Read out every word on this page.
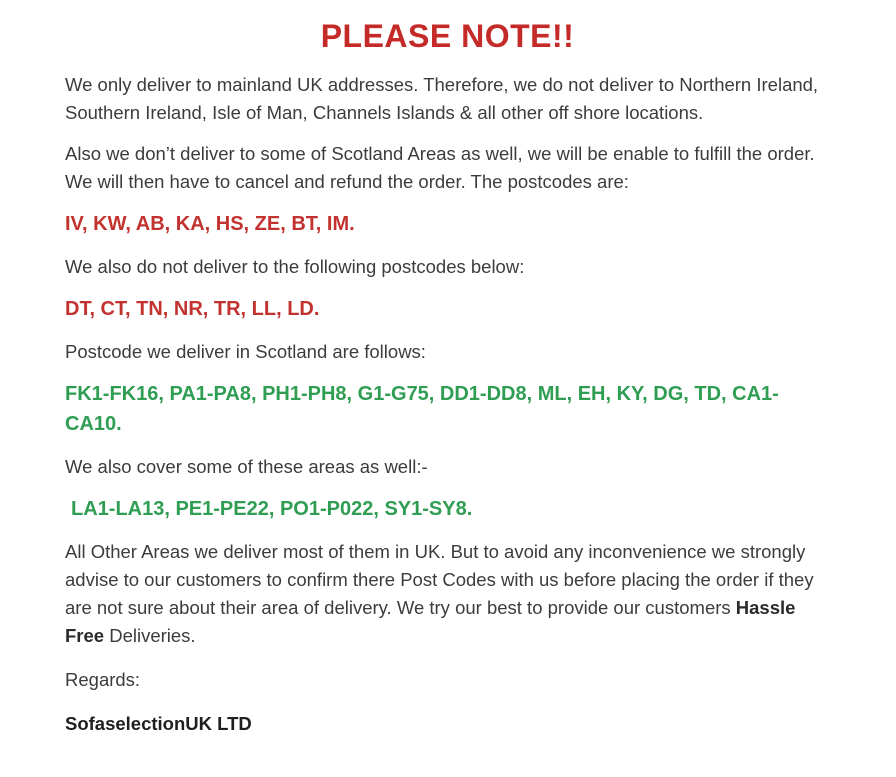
PLEASE NOTE!!

We only deliver to mainland UK addresses. Therefore, we do not deliver to Northern Ireland, Southern Ireland, Isle of Man, Channels Islands & all other off shore locations.

Also we don’t deliver to some of Scotland Areas as well, we will be enable to fulfill the order. We will then have to cancel and refund the order. The postcodes are:

IV, KW, AB, KA, HS, ZE, BT, IM.

We also do not deliver to the following postcodes below:

DT, CT, TN, NR, TR, LL, LD.

Postcode we deliver in Scotland are follows:

FK1-FK16, PA1-PA8, PH1-PH8, G1-G75, DD1-DD8, ML, EH, KY, DG, TD, CA1-CA10.

We also cover some of these areas as well:-

LA1-LA13, PE1-PE22, PO1-P022, SY1-SY8.

All Other Areas we deliver most of them in UK. But to avoid any inconvenience we strongly advise to our customers to confirm there Post Codes with us before placing the order if they are not sure about their area of delivery. We try our best to provide our customers Hassle Free Deliveries.

Regards:

SofaselectionUK LTD
